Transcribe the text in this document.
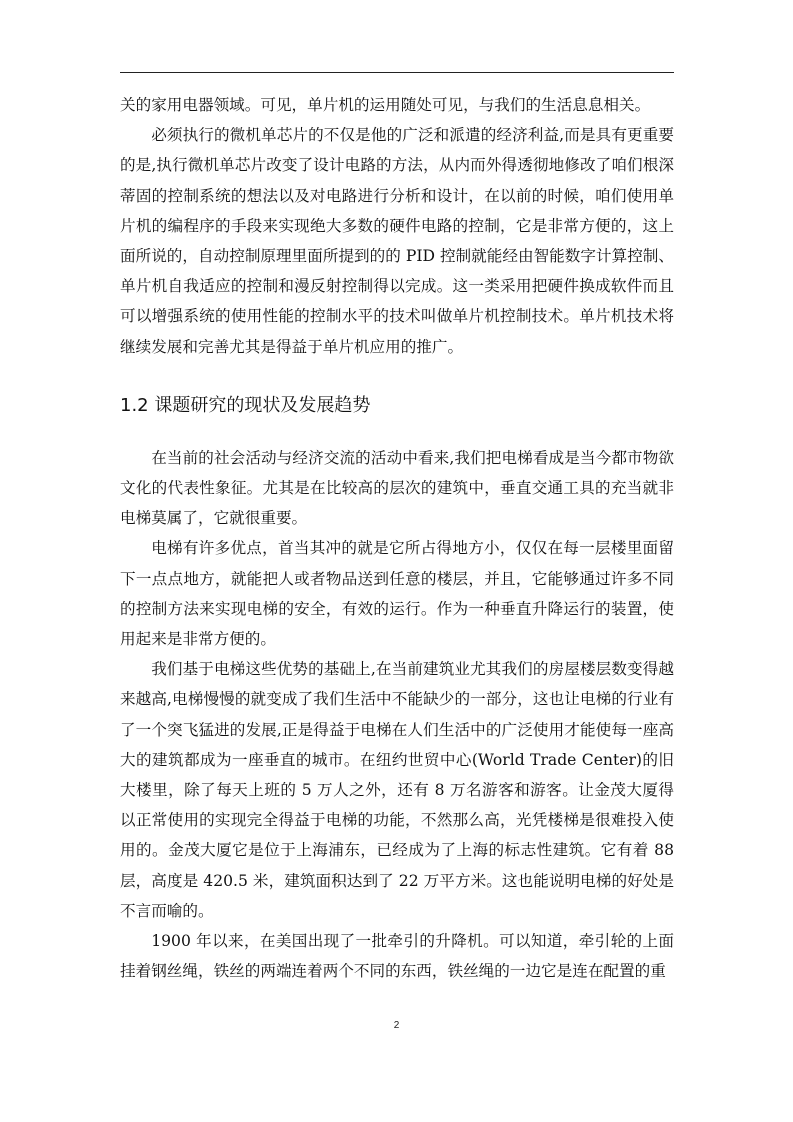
关的家用电器领域。可见，单片机的运用随处可见，与我们的生活息息相关。

必须执行的微机单芯片的不仅是他的广泛和派遣的经济利益,而是具有更重要的是,执行微机单芯片改变了设计电路的方法，从内而外得透彻地修改了咱们根深蒂固的控制系统的想法以及对电路进行分析和设计，在以前的时候，咱们使用单片机的编程序的手段来实现绝大多数的硬件电路的控制，它是非常方便的，这上面所说的，自动控制原理里面所提到的的 PID 控制就能经由智能数字计算控制、单片机自我适应的控制和漫反射控制得以完成。这一类采用把硬件换成软件而且可以增强系统的使用性能的控制水平的技术叫做单片机控制技术。单片机技术将继续发展和完善尤其是得益于单片机应用的推广。

1.2 课题研究的现状及发展趋势

在当前的社会活动与经济交流的活动中看来,我们把电梯看成是当今都市物欲文化的代表性象征。尤其是在比较高的层次的建筑中，垂直交通工具的充当就非电梯莫属了，它就很重要。

电梯有许多优点，首当其冲的就是它所占得地方小，仅仅在每一层楼里面留下一点点地方，就能把人或者物品送到任意的楼层，并且，它能够通过许多不同的控制方法来实现电梯的安全，有效的运行。作为一种垂直升降运行的装置，使用起来是非常方便的。

我们基于电梯这些优势的基础上,在当前建筑业尤其我们的房屋楼层数变得越来越高,电梯慢慢的就变成了我们生活中不能缺少的一部分，这也让电梯的行业有了一个突飞猛进的发展,正是得益于电梯在人们生活中的广泛使用才能使每一座高大的建筑都成为一座垂直的城市。在纽约世贸中心(World Trade Center)的旧大楼里，除了每天上班的 5 万人之外，还有 8 万名游客和游客。让金茂大厦得以正常使用的实现完全得益于电梯的功能，不然那么高，光凭楼梯是很难投入使用的。金茂大厦它是位于上海浦东，已经成为了上海的标志性建筑。它有着 88 层，高度是 420.5 米，建筑面积达到了 22 万平方米。这也能说明电梯的好处是不言而喻的。

1900 年以来，在美国出现了一批牵引的升降机。可以知道，牵引轮的上面挂着钢丝绳，铁丝的两端连着两个不同的东西，铁丝绳的一边它是连在配置的重

2
